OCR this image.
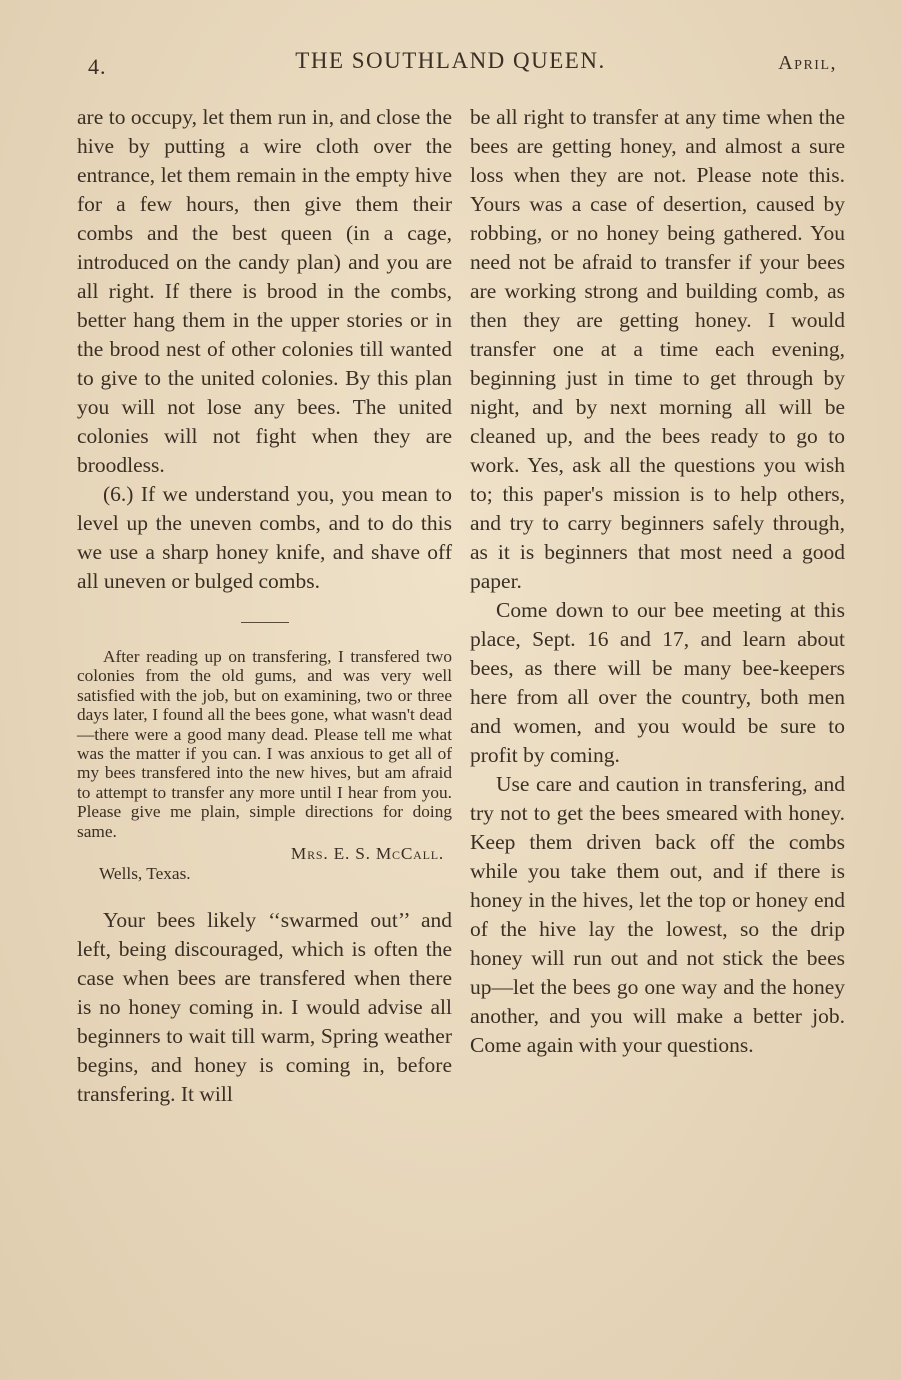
4.	THE SOUTHLAND QUEEN.	April,

are to occupy, let them run in, and close the hive by putting a wire cloth over the entrance, let them remain in the empty hive for a few hours, then give them their combs and the best queen (in a cage, introduced on the candy plan) and you are all right. If there is brood in the combs, better hang them in the upper stories or in the brood nest of other colonies till wanted to give to the united colonies. By this plan you will not lose any bees. The united colonies will not fight when they are broodless.

(6.) If we understand you, you mean to level up the uneven combs, and to do this we use a sharp honey knife, and shave off all uneven or bulged combs.

After reading up on transfering, I transfered two colonies from the old gums, and was very well satisfied with the job, but on examining, two or three days later, I found all the bees gone, what wasn't dead—there were a good many dead. Please tell me what was the matter if you can. I was anxious to get all of my bees transfered into the new hives, but am afraid to attempt to transfer any more until I hear from you. Please give me plain, simple directions for doing same.

Mrs. E. S. McCall.
Wells, Texas.

Your bees likely ‘‘swarmed out’’ and left, being discouraged, which is often the case when bees are transfered when there is no honey coming in. I would advise all beginners to wait till warm, Spring weather begins, and honey is coming in, before transfering. It will

be all right to transfer at any time when the bees are getting honey, and almost a sure loss when they are not. Please note this. Yours was a case of desertion, caused by robbing, or no honey being gathered. You need not be afraid to transfer if your bees are working strong and building comb, as then they are getting honey. I would transfer one at a time each evening, beginning just in time to get through by night, and by next morning all will be cleaned up, and the bees ready to go to work. Yes, ask all the questions you wish to; this paper's mission is to help others, and try to carry beginners safely through, as it is beginners that most need a good paper.

Come down to our bee meeting at this place, Sept. 16 and 17, and learn about bees, as there will be many bee-keepers here from all over the country, both men and women, and you would be sure to profit by coming.

Use care and caution in transfering, and try not to get the bees smeared with honey. Keep them driven back off the combs while you take them out, and if there is honey in the hives, let the top or honey end of the hive lay the lowest, so the drip honey will run out and not stick the bees up—let the bees go one way and the honey another, and you will make a better job. Come again with your questions.
